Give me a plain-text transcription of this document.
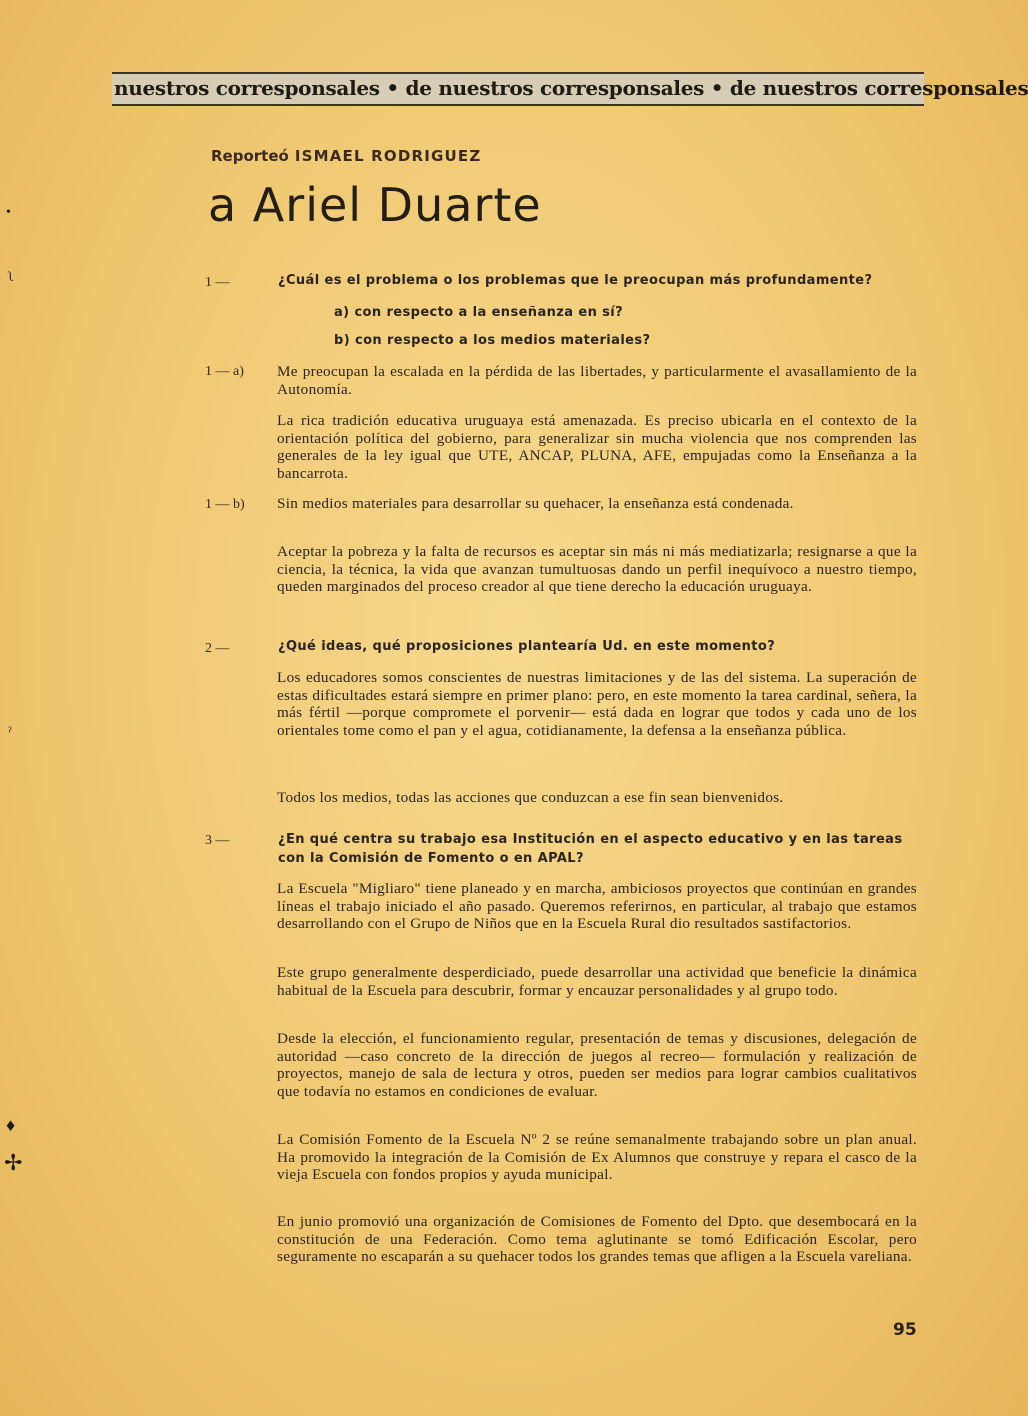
nuestros corresponsales • de nuestros corresponsales • de nuestros corresponsales
Reporteó ISMAEL RODRIGUEZ
a Ariel Duarte
1 —	¿Cuál es el problema o los problemas que le preocupan más profundamente?
a) con respecto a la enseñanza en sí?
b) con respecto a los medios materiales?
1 — a) Me preocupan la escalada en la pérdida de las libertades, y particularmente el avasallamiento de la Autonomía.
La rica tradición educativa uruguaya está amenazada. Es preciso ubicarla en el contexto de la orientación política del gobierno, para generalizar sin mucha violencia que nos comprenden las generales de la ley igual que UTE, ANCAP, PLUNA, AFE, empujadas como la Enseñanza a la bancarrota.
1 — b) Sin medios materiales para desarrollar su quehacer, la enseñanza está condenada.
Aceptar la pobreza y la falta de recursos es aceptar sin más ni más mediatizarla; resignarse a que la ciencia, la técnica, la vida que avanzan tumultuosas dando un perfil inequívoco a nuestro tiempo, queden marginados del proceso creador al que tiene derecho la educación uruguaya.
2 —	¿Qué ideas, qué proposiciones plantearía Ud. en este momento?
Los educadores somos conscientes de nuestras limitaciones y de las del sistema. La superación de estas dificultades estará siempre en primer plano: pero, en este momento la tarea cardinal, señera, la más fértil —porque compromete el porvenir— está dada en lograr que todos y cada uno de los orientales tome como el pan y el agua, cotidianamente, la defensa a la enseñanza pública.
Todos los medios, todas las acciones que conduzcan a ese fin sean bienvenidos.
3 —	¿En qué centra su trabajo esa Institución en el aspecto educativo y en las tareas con la Comisión de Fomento o en APAL?
La Escuela "Migliaro" tiene planeado y en marcha, ambiciosos proyectos que continúan en grandes líneas el trabajo iniciado el año pasado. Queremos referirnos, en particular, al trabajo que estamos desarrollando con el Grupo de Niños que en la Escuela Rural dio resultados sastifactorios.
Este grupo generalmente desperdiciado, puede desarrollar una actividad que beneficie la dinámica habitual de la Escuela para descubrir, formar y encauzar personalidades y al grupo todo.
Desde la elección, el funcionamiento regular, presentación de temas y discusiones, delegación de autoridad —caso concreto de la dirección de juegos al recreo— formulación y realización de proyectos, manejo de sala de lectura y otros, pueden ser medios para lograr cambios cualitativos que todavía no estamos en condiciones de evaluar.
La Comisión Fomento de la Escuela Nº 2 se reúne semanalmente trabajando sobre un plan anual. Ha promovido la integración de la Comisión de Ex Alumnos que construye y repara el casco de la vieja Escuela con fondos propios y ayuda municipal.
En junio promovió una organización de Comisiones de Fomento del Dpto. que desembocará en la constitución de una Federación. Como tema aglutinante se tomó Edificación Escolar, pero seguramente no escaparán a su quehacer todos los grandes temas que afligen a la Escuela vareliana.
95
•
ʅ
ˀ
♦
✢
